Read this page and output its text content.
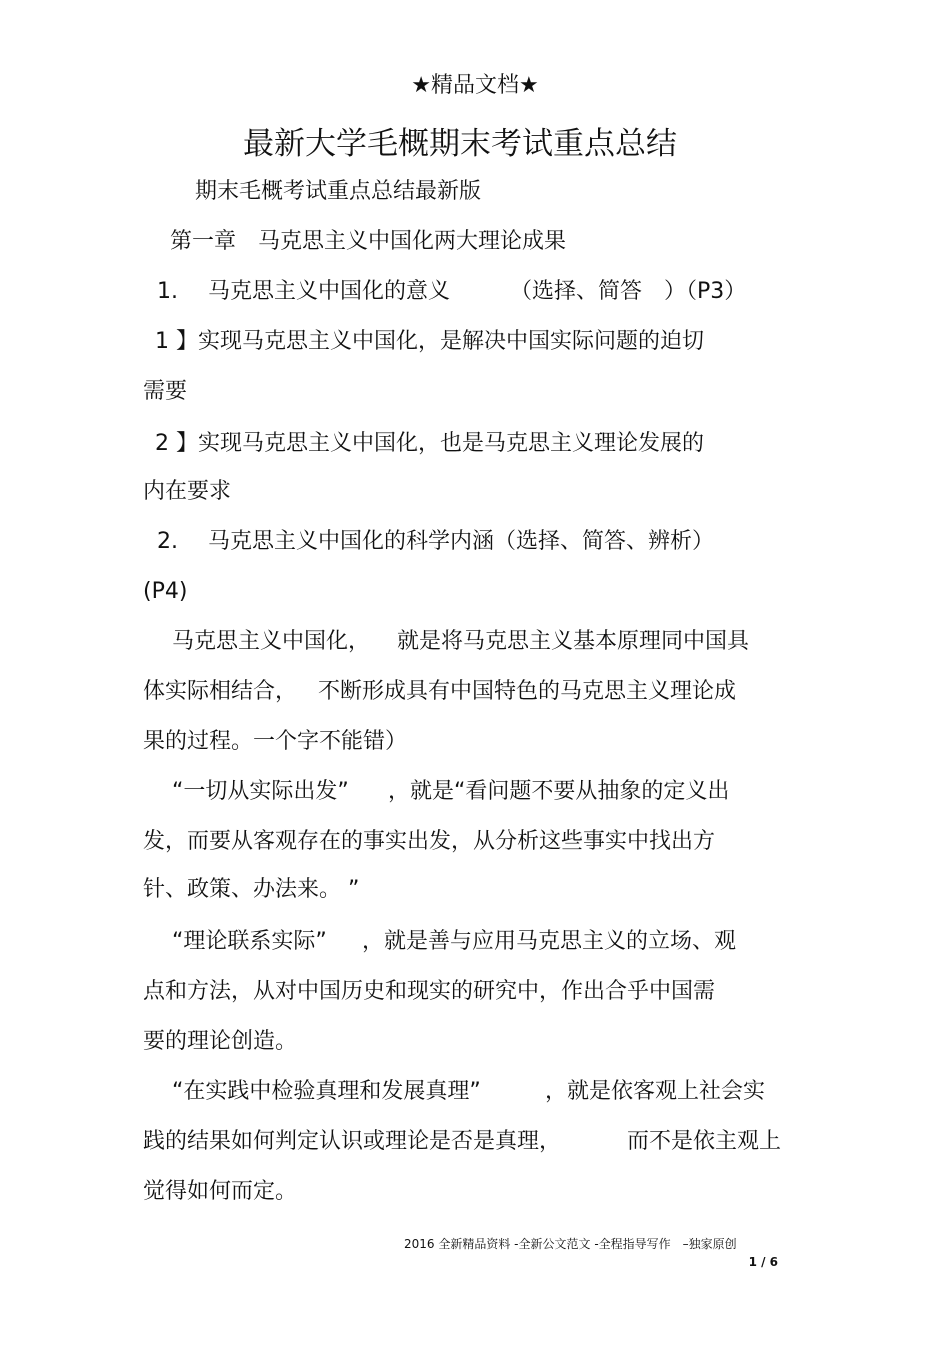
★精品文档★
最新大学毛概期末考试重点总结
期末毛概考试重点总结最新版
第一章　马克思主义中国化两大理论成果
1. 马克思主义中国化的意义	（选择、简答　）（P3）
1 】实现马克思主义中国化，是解决中国实际问题的迫切
需要
2 】实现马克思主义中国化，也是马克思主义理论发展的
内在要求
2. 马克思主义中国化的科学内涵（选择、简答、辨析）
(P4)
马克思主义中国化， 就是将马克思主义基本原理同中国具
体实际相结合， 不断形成具有中国特色的马克思主义理论成
果的过程。一个字不能错）
“一切从实际出发” ，就是“看问题不要从抽象的定义出
发，而要从客观存在的事实出发，从分析这些事实中找出方
针、政策、办法来。 ”
“理论联系实际” ，就是善与应用马克思主义的立场、观
点和方法，从对中国历史和现实的研究中，作出合乎中国需
要的理论创造。
“在实践中检验真理和发展真理”	，就是依客观上社会实
践的结果如何判定认识或理论是否是真理，	而不是依主观上
觉得如何而定。
2016 全新精品资料 -全新公文范文 -全程指导写作　–独家原创
1 / 6
